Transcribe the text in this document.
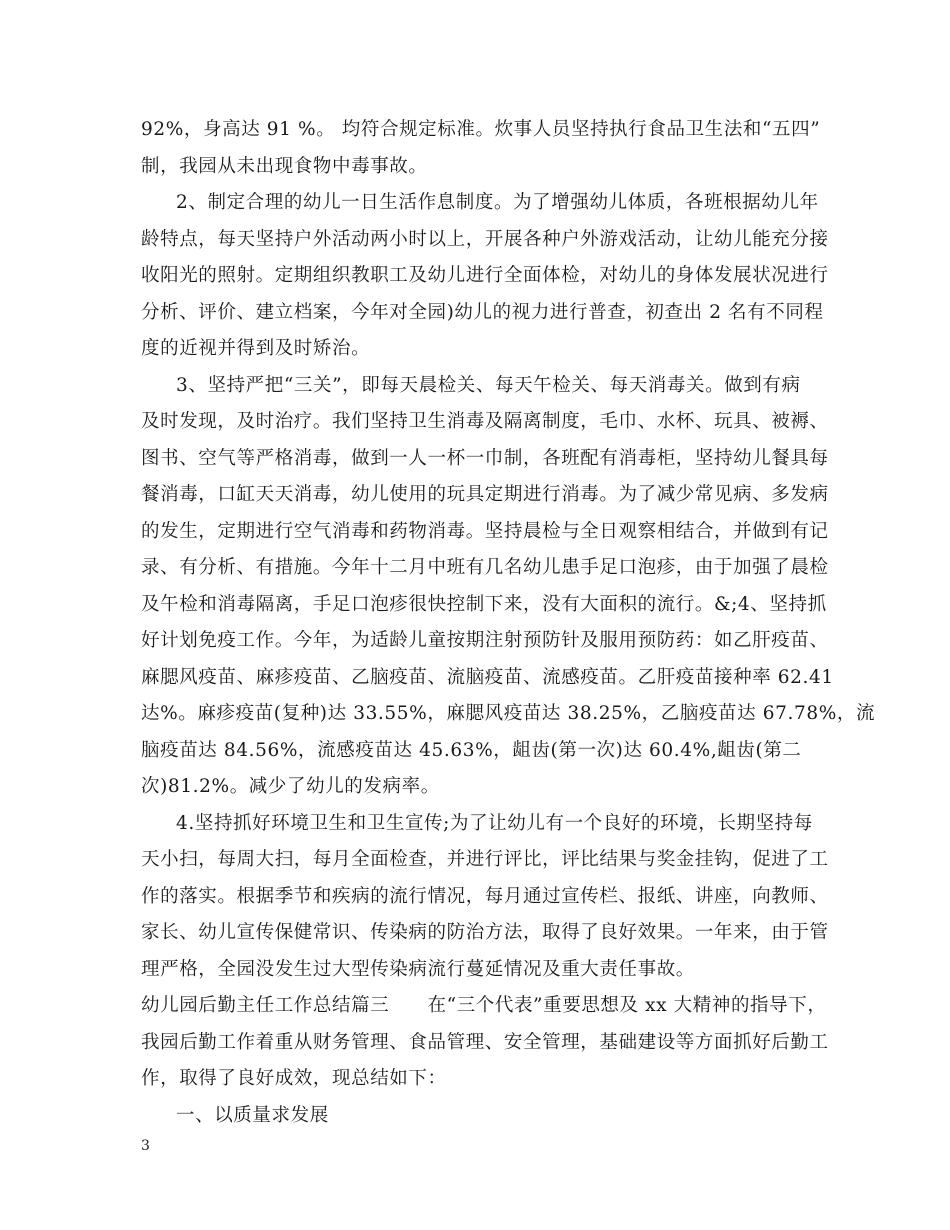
92%，身高达 91 %。 均符合规定标准。炊事人员坚持执行食品卫生法和“五四”
制，我园从未出现食物中毒事故。
2、制定合理的幼儿一日生活作息制度。为了增强幼儿体质，各班根据幼儿年
龄特点，每天坚持户外活动两小时以上，开展各种户外游戏活动，让幼儿能充分接
收阳光的照射。定期组织教职工及幼儿进行全面体检，对幼儿的身体发展状况进行
分析、评价、建立档案，今年对全园)幼儿的视力进行普查，初查出 2 名有不同程
度的近视并得到及时矫治。
3、坚持严把“三关”，即每天晨检关、每天午检关、每天消毒关。做到有病
及时发现，及时治疗。我们坚持卫生消毒及隔离制度，毛巾、水杯、玩具、被褥、
图书、空气等严格消毒，做到一人一杯一巾制，各班配有消毒柜，坚持幼儿餐具每
餐消毒，口缸天天消毒，幼儿使用的玩具定期进行消毒。为了减少常见病、多发病
的发生，定期进行空气消毒和药物消毒。坚持晨检与全日观察相结合，并做到有记
录、有分析、有措施。今年十二月中班有几名幼儿患手足口泡疹，由于加强了晨检
及午检和消毒隔离，手足口泡疹很快控制下来，没有大面积的流行。&;4、坚持抓
好计划免疫工作。今年，为适龄儿童按期注射预防针及服用预防药：如乙肝疫苗、
麻腮风疫苗、麻疹疫苗、乙脑疫苗、流脑疫苗、流感疫苗。乙肝疫苗接种率 62.41
达%。麻疹疫苗(复种)达 33.55%，麻腮风疫苗达 38.25%，乙脑疫苗达 67.78%，流
脑疫苗达 84.56%，流感疫苗达 45.63%，龃齿(第一次)达 60.4%,龃齿(第二
次)81.2%。减少了幼儿的发病率。
4.坚持抓好环境卫生和卫生宣传;为了让幼儿有一个良好的环境，长期坚持每
天小扫，每周大扫，每月全面检查，并进行评比，评比结果与奖金挂钩，促进了工
作的落实。根据季节和疾病的流行情况，每月通过宣传栏、报纸、讲座，向教师、
家长、幼儿宣传保健常识、传染病的防治方法，取得了良好效果。一年来，由于管
理严格，全园没发生过大型传染病流行蔓延情况及重大责任事故。
幼儿园后勤主任工作总结篇三　　在“三个代表”重要思想及 xx 大精神的指导下，
我园后勤工作着重从财务管理、食品管理、安全管理，基础建设等方面抓好后勤工
作，取得了良好成效，现总结如下：
一、以质量求发展
3
